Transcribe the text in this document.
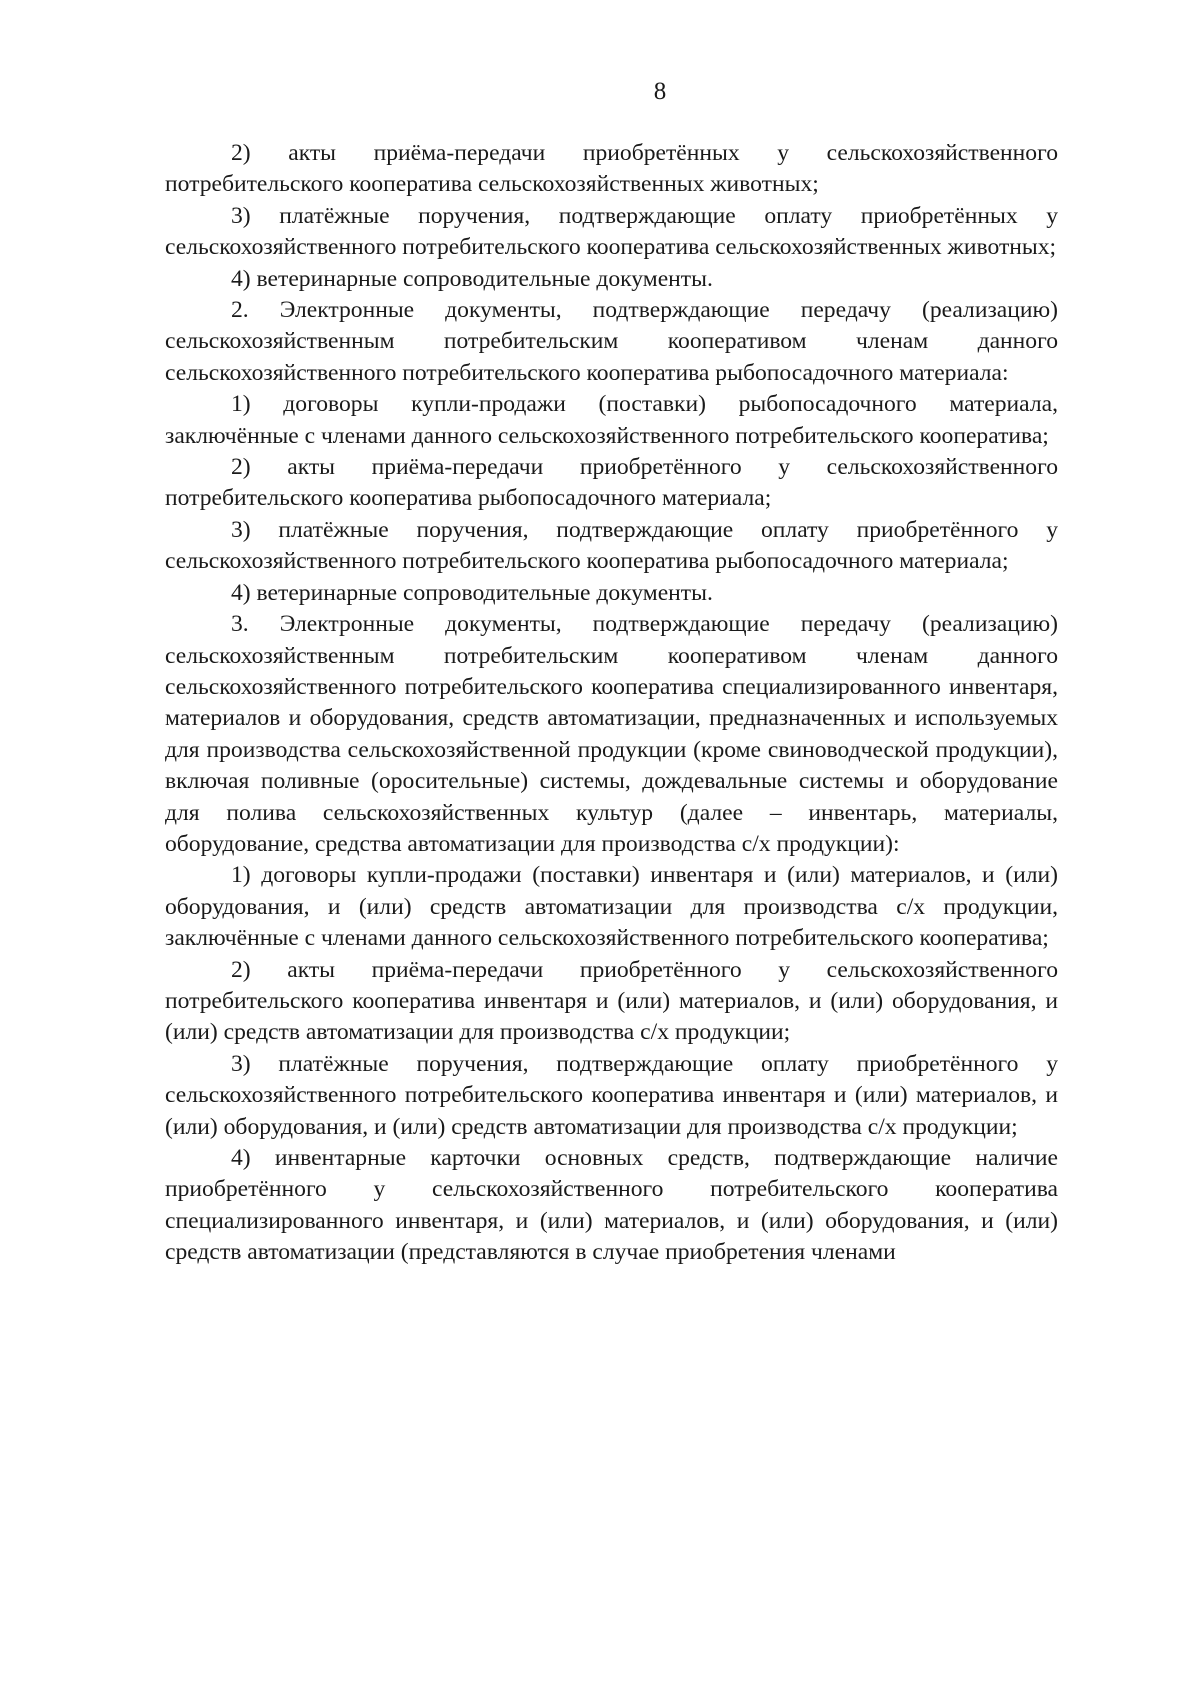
8

2) акты приёма-передачи приобретённых у сельскохозяйственного потребительского кооператива сельскохозяйственных животных;

3) платёжные поручения, подтверждающие оплату приобретённых у сельскохозяйственного потребительского кооператива сельскохозяйственных животных;

4) ветеринарные сопроводительные документы.

2. Электронные документы, подтверждающие передачу (реализацию) сельскохозяйственным потребительским кооперативом членам данного сельскохозяйственного потребительского кооператива рыбопосадочного материала:

1) договоры купли-продажи (поставки) рыбопосадочного материала, заключённые с членами данного сельскохозяйственного потребительского кооператива;

2) акты приёма-передачи приобретённого у сельскохозяйственного потребительского кооператива рыбопосадочного материала;

3) платёжные поручения, подтверждающие оплату приобретённого у сельскохозяйственного потребительского кооператива рыбопосадочного материала;

4) ветеринарные сопроводительные документы.

3. Электронные документы, подтверждающие передачу (реализацию) сельскохозяйственным потребительским кооперативом членам данного сельскохозяйственного потребительского кооператива специализированного инвентаря, материалов и оборудования, средств автоматизации, предназначенных и используемых для производства сельскохозяйственной продукции (кроме свиноводческой продукции), включая поливные (оросительные) системы, дождевальные системы и оборудование для полива сельскохозяйственных культур (далее – инвентарь, материалы, оборудование, средства автоматизации для производства с/х продукции):

1) договоры купли-продажи (поставки) инвентаря и (или) материалов, и (или) оборудования, и (или) средств автоматизации для производства с/х продукции, заключённые с членами данного сельскохозяйственного потребительского кооператива;

2) акты приёма-передачи приобретённого у сельскохозяйственного потребительского кооператива инвентаря и (или) материалов, и (или) оборудования, и (или) средств автоматизации для производства с/х продукции;

3) платёжные поручения, подтверждающие оплату приобретённого у сельскохозяйственного потребительского кооператива инвентаря и (или) материалов, и (или) оборудования, и (или) средств автоматизации для производства с/х продукции;

4) инвентарные карточки основных средств, подтверждающие наличие приобретённого у сельскохозяйственного потребительского кооператива специализированного инвентаря, и (или) материалов, и (или) оборудования, и (или) средств автоматизации (представляются в случае приобретения членами
